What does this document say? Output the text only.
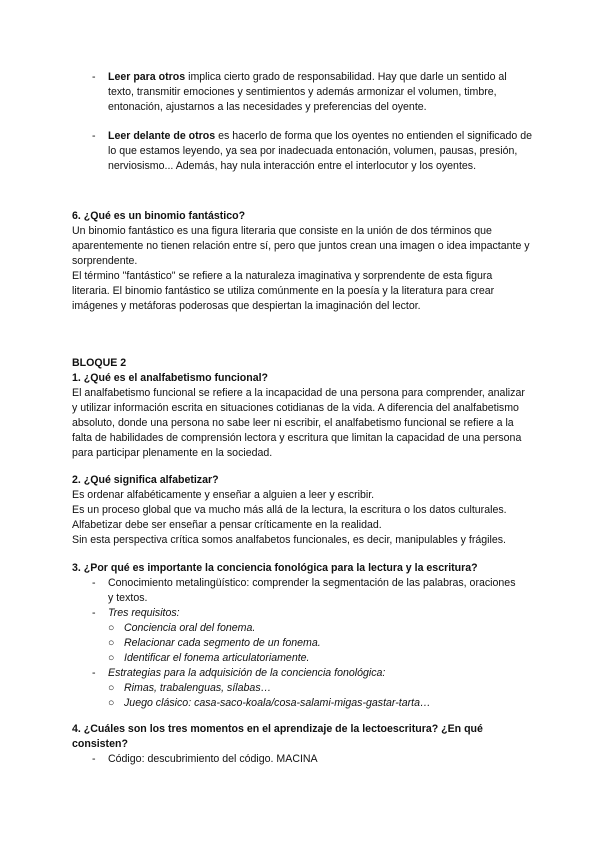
- Leer para otros implica cierto grado de responsabilidad. Hay que darle un sentido al texto, transmitir emociones y sentimientos y además armonizar el volumen, timbre, entonación, ajustarnos a las necesidades y preferencias del oyente.
- Leer delante de otros es hacerlo de forma que los oyentes no entienden el significado de lo que estamos leyendo, ya sea por inadecuada entonación, volumen, pausas, presión, nerviosismo... Además, hay nula interacción entre el interlocutor y los oyentes.
6. ¿Qué es un binomio fantástico?

Un binomio fantástico es una figura literaria que consiste en la unión de dos términos que aparentemente no tienen relación entre sí, pero que juntos crean una imagen o idea impactante y sorprendente.

El término "fantástico" se refiere a la naturaleza imaginativa y sorprendente de esta figura literaria. El binomio fantástico se utiliza comúnmente en la poesía y la literatura para crear imágenes y metáforas poderosas que despiertan la imaginación del lector.

BLOQUE 2
1. ¿Qué es el analfabetismo funcional?

El analfabetismo funcional se refiere a la incapacidad de una persona para comprender, analizar y utilizar información escrita en situaciones cotidianas de la vida. A diferencia del analfabetismo absoluto, donde una persona no sabe leer ni escribir, el analfabetismo funcional se refiere a la falta de habilidades de comprensión lectora y escritura que limitan la capacidad de una persona para participar plenamente en la sociedad.

2. ¿Qué significa alfabetizar?
Es ordenar alfabéticamente y enseñar a alguien a leer y escribir.
Es un proceso global que va mucho más allá de la lectura, la escritura o los datos culturales.
Alfabetizar debe ser enseñar a pensar críticamente en la realidad.
Sin esta perspectiva crítica somos analfabetos funcionales, es decir, manipulables y frágiles.
3. ¿Por qué es importante la conciencia fonológica para la lectura y la escritura?
- Conocimiento metalingüístico: comprender la segmentación de las palabras, oraciones y textos.
- Tres requisitos:
○ Conciencia oral del fonema.
○ Relacionar cada segmento de un fonema.
○ Identificar el fonema articulatoriamente.
- Estrategias para la adquisición de la conciencia fonológica:
○ Rimas, trabalenguas, sílabas…
○ Juego clásico: casa-saco-koala/cosa-salami-migas-gastar-tarta…
4. ¿Cuáles son los tres momentos en el aprendizaje de la lectoescritura? ¿En qué consisten?
- Código: descubrimiento del código. MACINA
